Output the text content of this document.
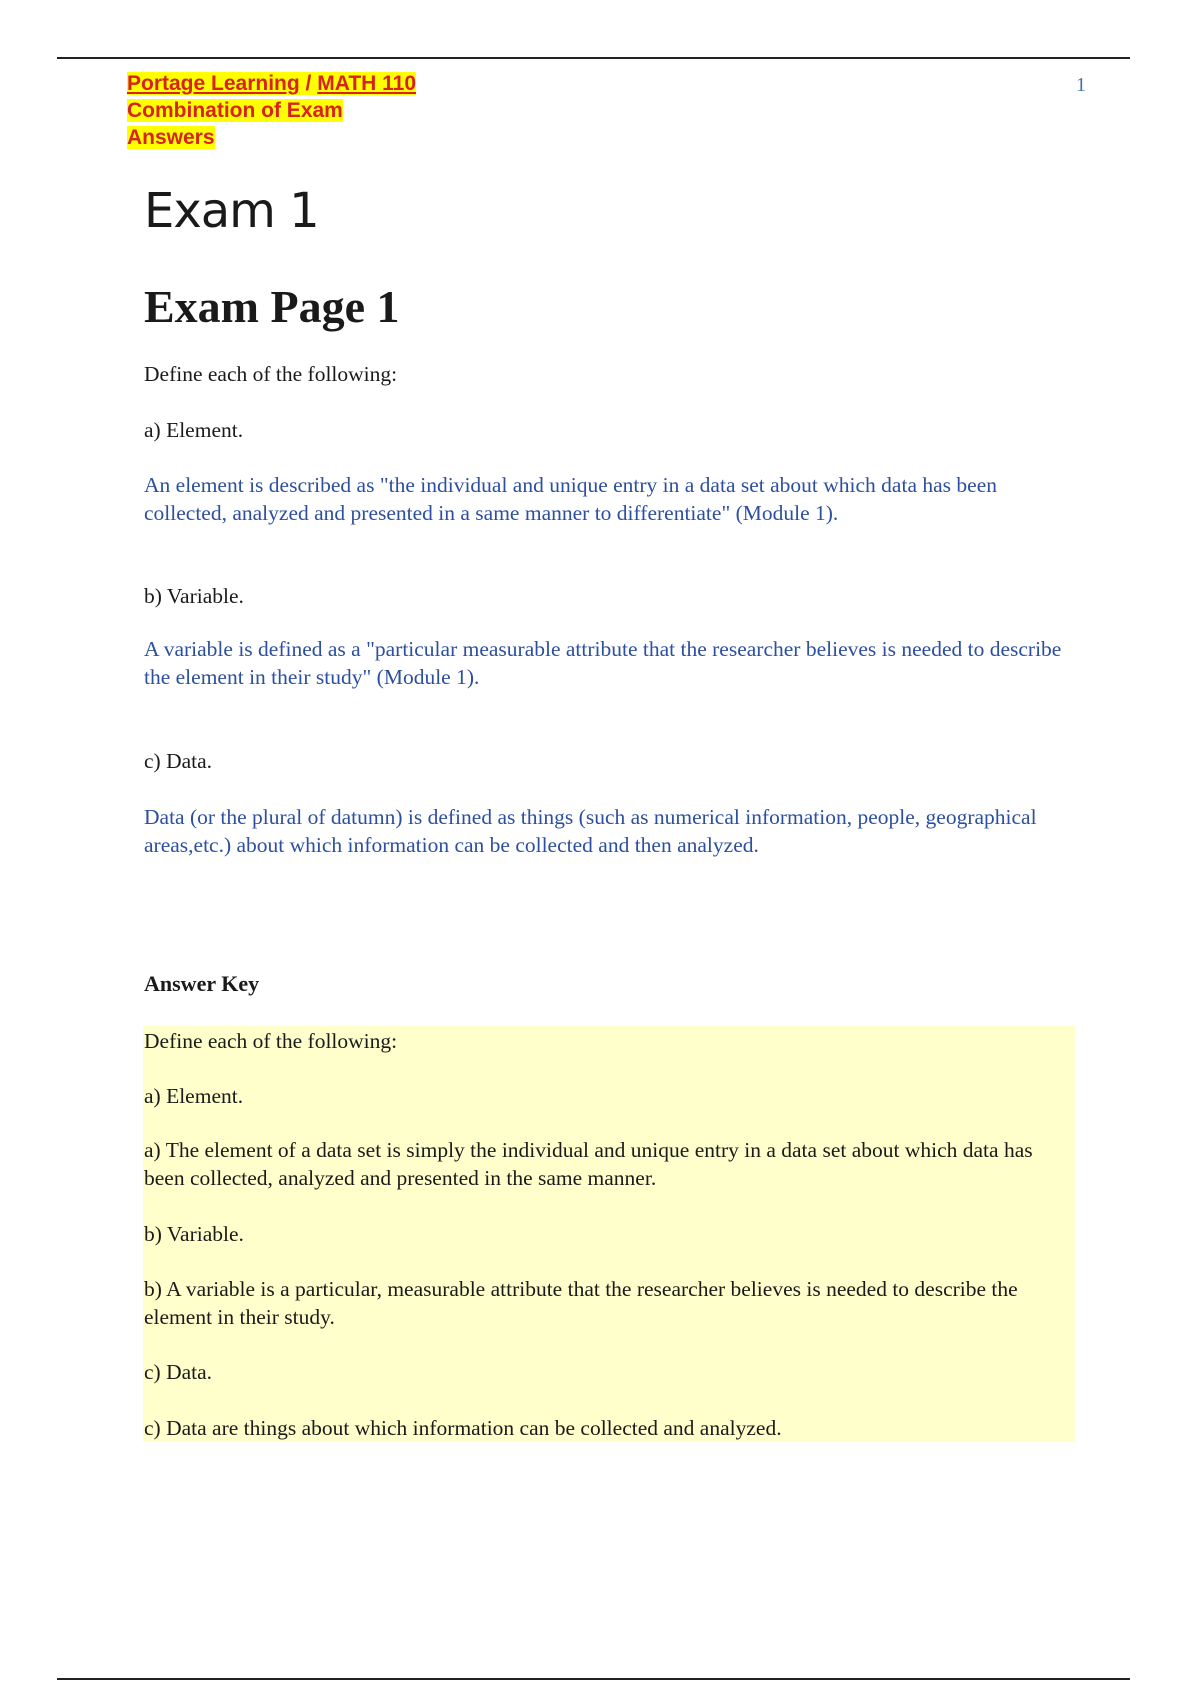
Portage Learning / MATH 110
Combination of Exam
Answers
1
Exam 1
Exam Page 1

Define each of the following:

a) Element.

An element is described as "the individual and unique entry in a data set about which data has been collected, analyzed and presented in a same manner to differentiate" (Module 1).

b) Variable.

A variable is defined as a "particular measurable attribute that the researcher believes is needed to describe the element in their study" (Module 1).

c) Data.

Data (or the plural of datumn) is defined as things (such as numerical information, people, geographical areas,etc.) about which information can be collected and then analyzed.

Answer Key

Define each of the following:

a) Element.

a) The element of a data set is simply the individual and unique entry in a data set about which data has been collected, analyzed and presented in the same manner.

b) Variable.

b) A variable is a particular, measurable attribute that the researcher believes is needed to describe the element in their study.

c) Data.

c) Data are things about which information can be collected and analyzed.
